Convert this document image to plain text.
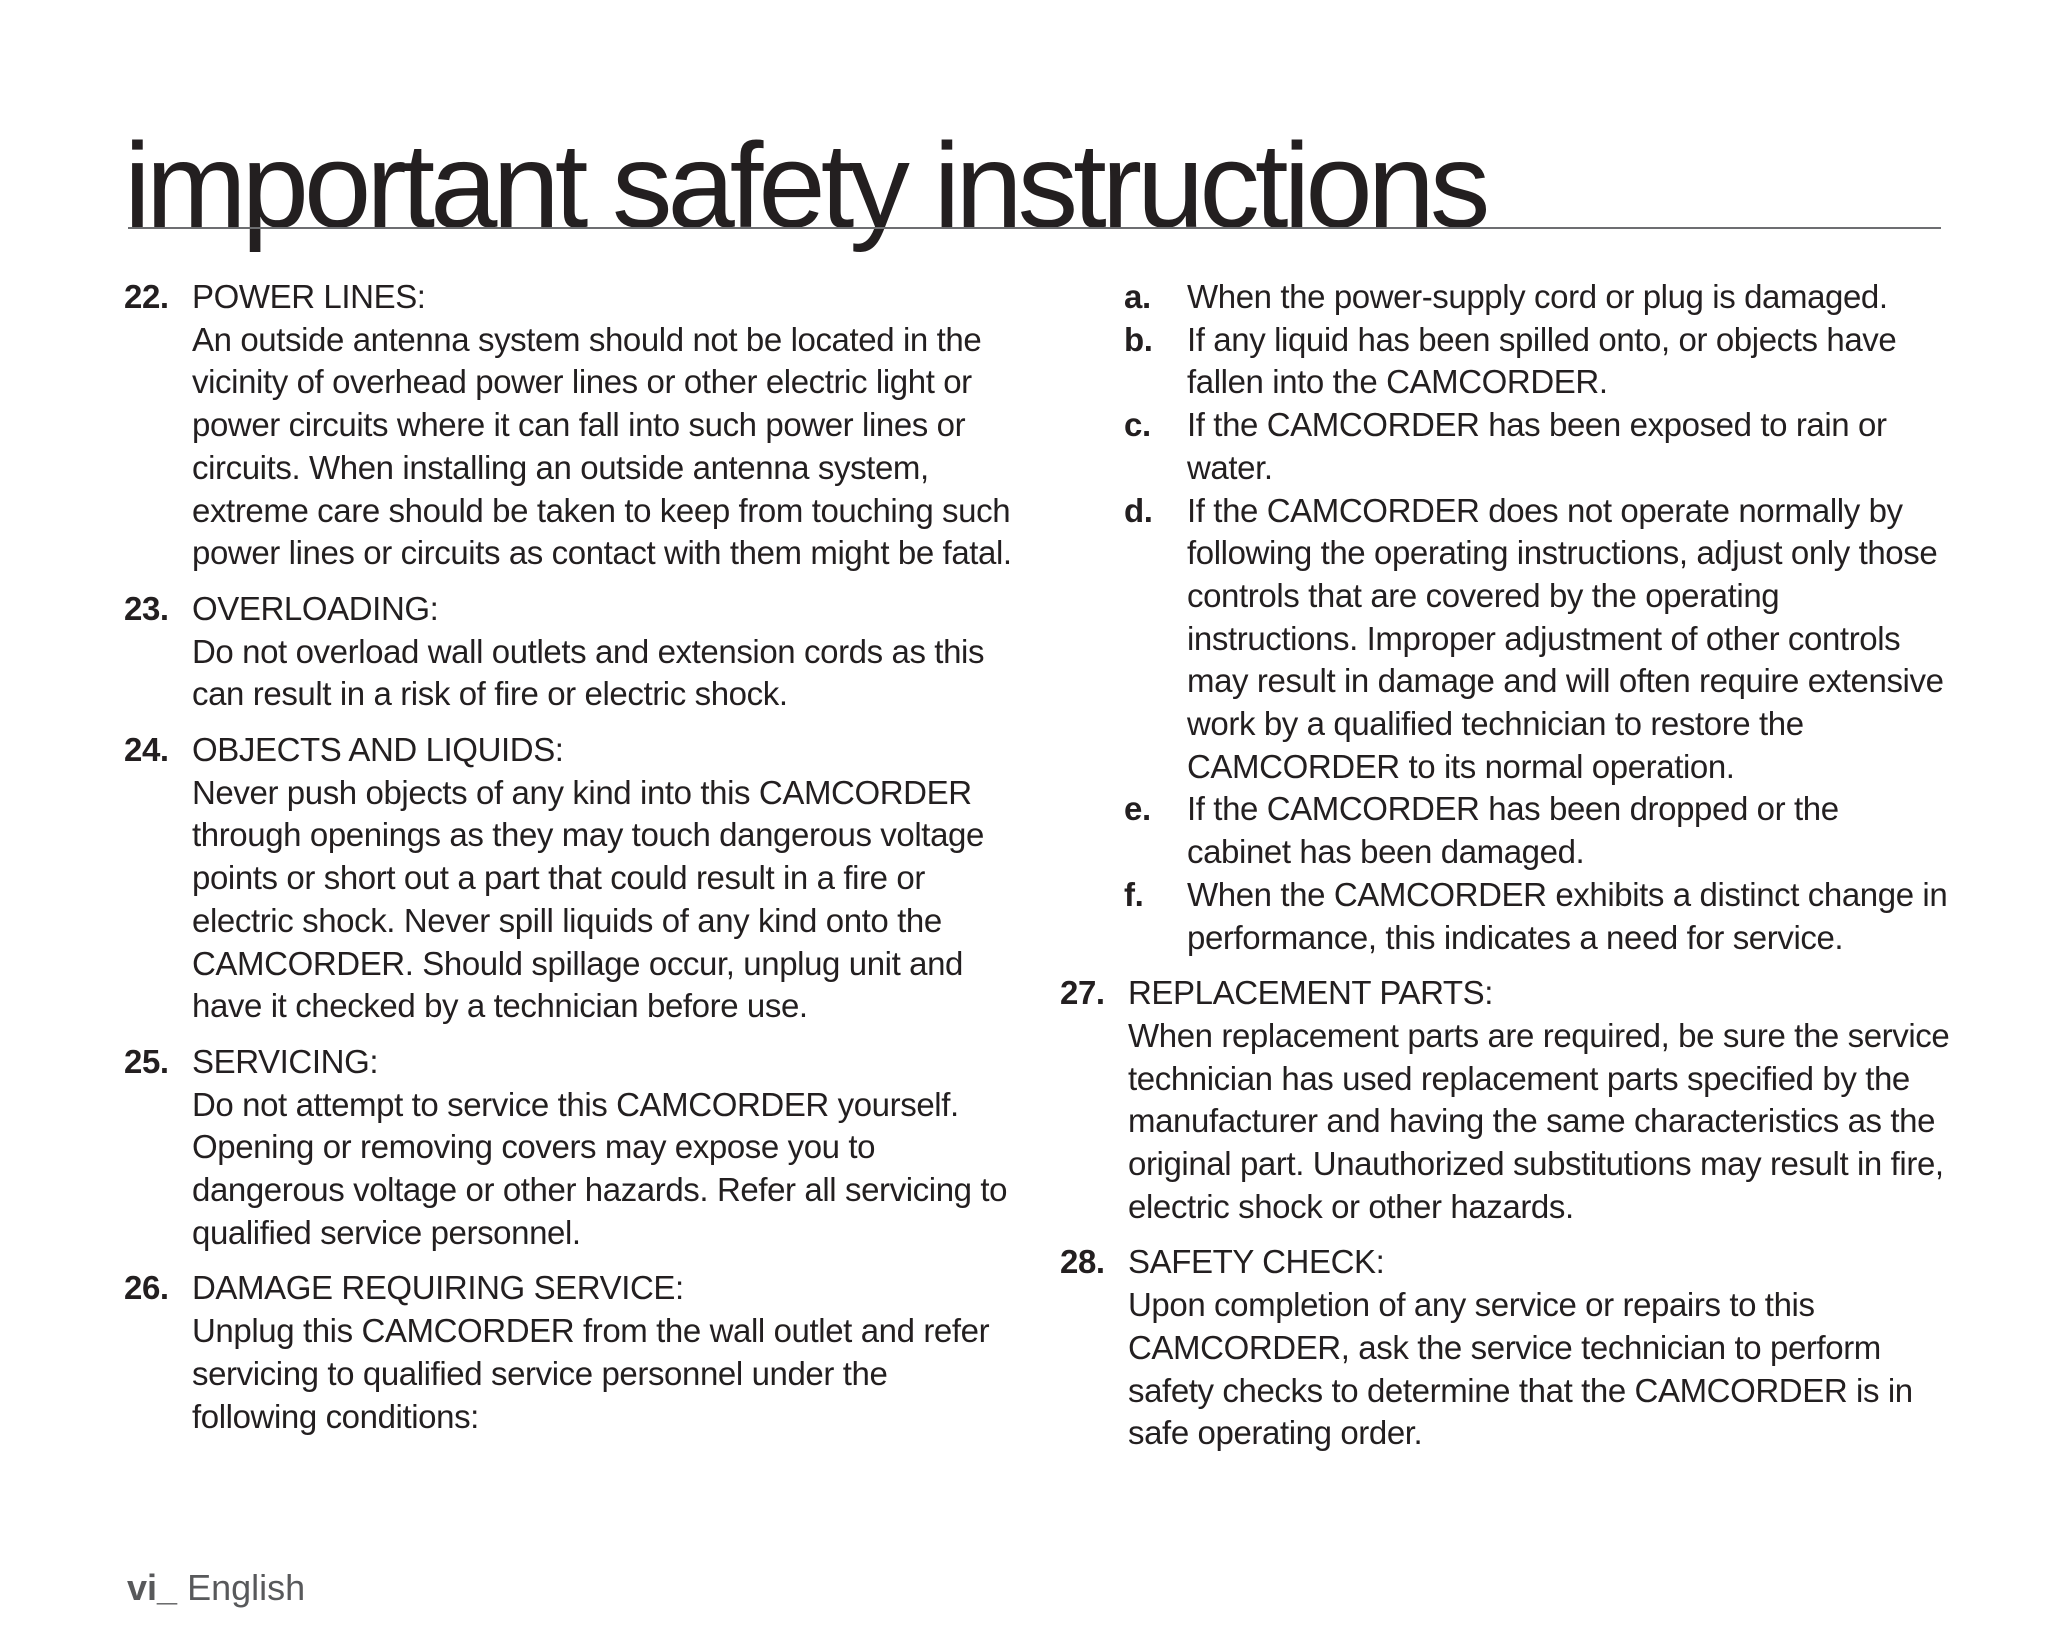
important safety instructions
22. POWER LINES:
An outside antenna system should not be located in the vicinity of overhead power lines or other electric light or power circuits where it can fall into such power lines or circuits. When installing an outside antenna system, extreme care should be taken to keep from touching such power lines or circuits as contact with them might be fatal.
23. OVERLOADING:
Do not overload wall outlets and extension cords as this can result in a risk of fire or electric shock.
24. OBJECTS AND LIQUIDS:
Never push objects of any kind into this CAMCORDER through openings as they may touch dangerous voltage points or short out a part that could result in a fire or electric shock. Never spill liquids of any kind onto the CAMCORDER. Should spillage occur, unplug unit and have it checked by a technician before use.
25. SERVICING:
Do not attempt to service this CAMCORDER yourself. Opening or removing covers may expose you to dangerous voltage or other hazards. Refer all servicing to qualified service personnel.
26. DAMAGE REQUIRING SERVICE:
Unplug this CAMCORDER from the wall outlet and refer servicing to qualified service personnel under the following conditions:
a.	When the power-supply cord or plug is damaged.
b.	If any liquid has been spilled onto, or objects have fallen into the CAMCORDER.
c.	If the CAMCORDER has been exposed to rain or water.
d.	If the CAMCORDER does not operate normally by following the operating instructions, adjust only those controls that are covered by the operating instructions. Improper adjustment of other controls may result in damage and will often require extensive work by a qualified technician to restore the CAMCORDER to its normal operation.
e.	If the CAMCORDER has been dropped or the cabinet has been damaged.
f.	When the CAMCORDER exhibits a distinct change in performance, this indicates a need for service.
27. REPLACEMENT PARTS:
When replacement parts are required, be sure the service technician has used replacement parts specified by the manufacturer and having the same characteristics as the original part. Unauthorized substitutions may result in fire, electric shock or other hazards.
28. SAFETY CHECK:
Upon completion of any service or repairs to this CAMCORDER, ask the service technician to perform safety checks to determine that the CAMCORDER is in safe operating order.
vi_ English
